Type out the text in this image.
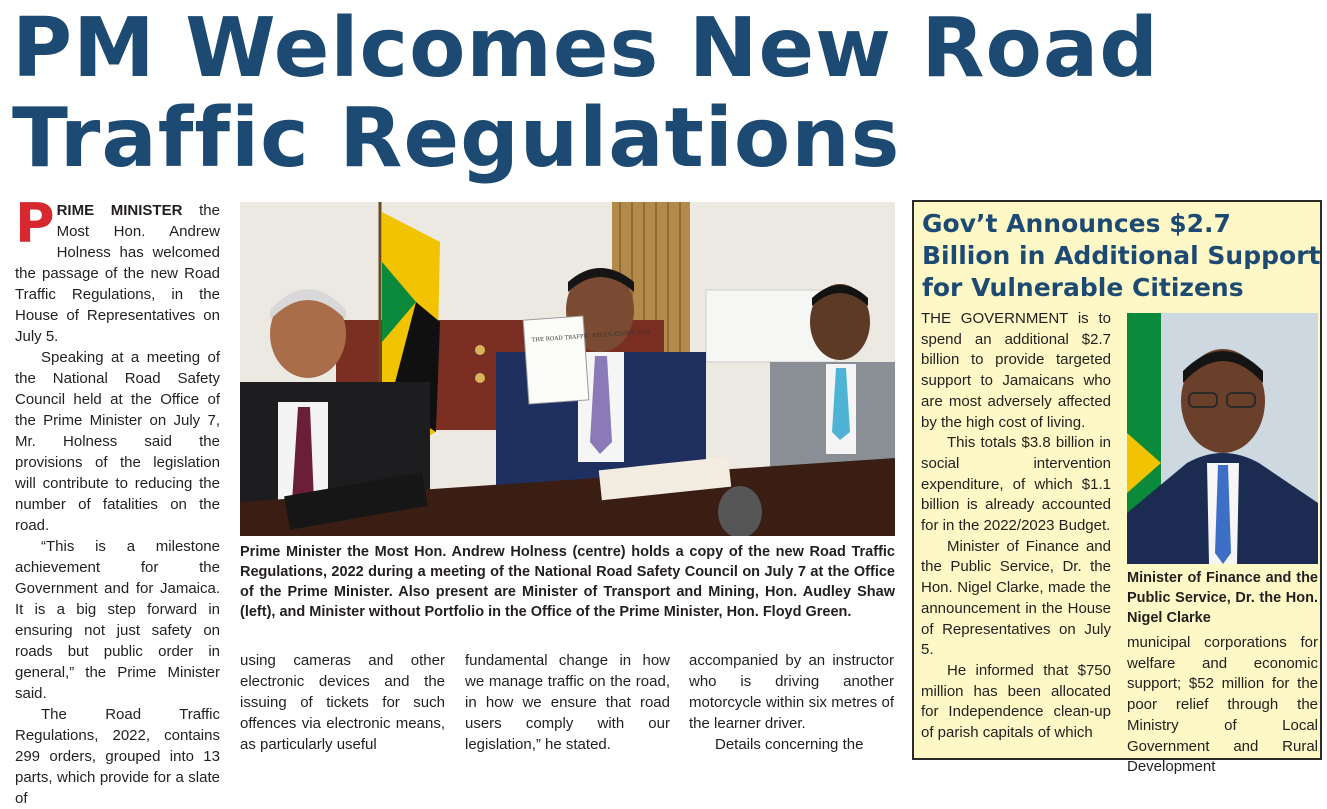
PM Welcomes New Road
Traffic Regulations

PRIME MINISTER the Most Hon. Andrew Holness has welcomed the passage of the new Road Traffic Regulations, in the House of Representatives on July 5.

Speaking at a meeting of the National Road Safety Council held at the Office of the Prime Minister on July 7, Mr. Holness said the provisions of the legislation will contribute to reducing the number of fatalities on the road.

“This is a milestone achievement for the Government and for Jamaica. It is a big step forward in ensuring not just safety on roads but public order in general,” the Prime Minister said.

The Road Traffic Regulations, 2022, contains 299 orders, grouped into 13 parts, which provide for a slate of

THE ROAD TRAFFIC REGULATIONS 2022

Prime Minister the Most Hon. Andrew Holness (centre) holds a copy of the new Road Traffic Regulations, 2022 during a meeting of the National Road Safety Council on July 7 at the Office of the Prime Minister. Also present are Minister of Transport and Mining, Hon. Audley Shaw (left), and Minister without Portfolio in the Office of the Prime Minister, Hon. Floyd Green.

using cameras and other electronic devices and the issuing of tickets for such offences via electronic means, as particularly useful

fundamental change in how we manage traffic on the road, in how we ensure that road users comply with our legislation,” he stated.

accompanied by an instructor who is driving another motorcycle within six metres of the learner driver.

Details concerning the

Gov’t Announces $2.7 Billion in Additional Support for Vulnerable Citizens

THE GOVERNMENT is to spend an additional $2.7 billion to provide targeted support to Jamaicans who are most adversely affected by the high cost of living.

This totals $3.8 billion in social intervention expenditure, of which $1.1 billion is already accounted for in the 2022/2023 Budget.

Minister of Finance and the Public Service, Dr. the Hon. Nigel Clarke, made the announcement in the House of Representatives on July 5.

He informed that $750 million has been allocated for Independence clean-up of parish capitals of which

Minister of Finance and the Public Service, Dr. the Hon. Nigel Clarke

municipal corporations for welfare and economic support; $52 million for the poor relief through the Ministry of Local Government and Rural Development
